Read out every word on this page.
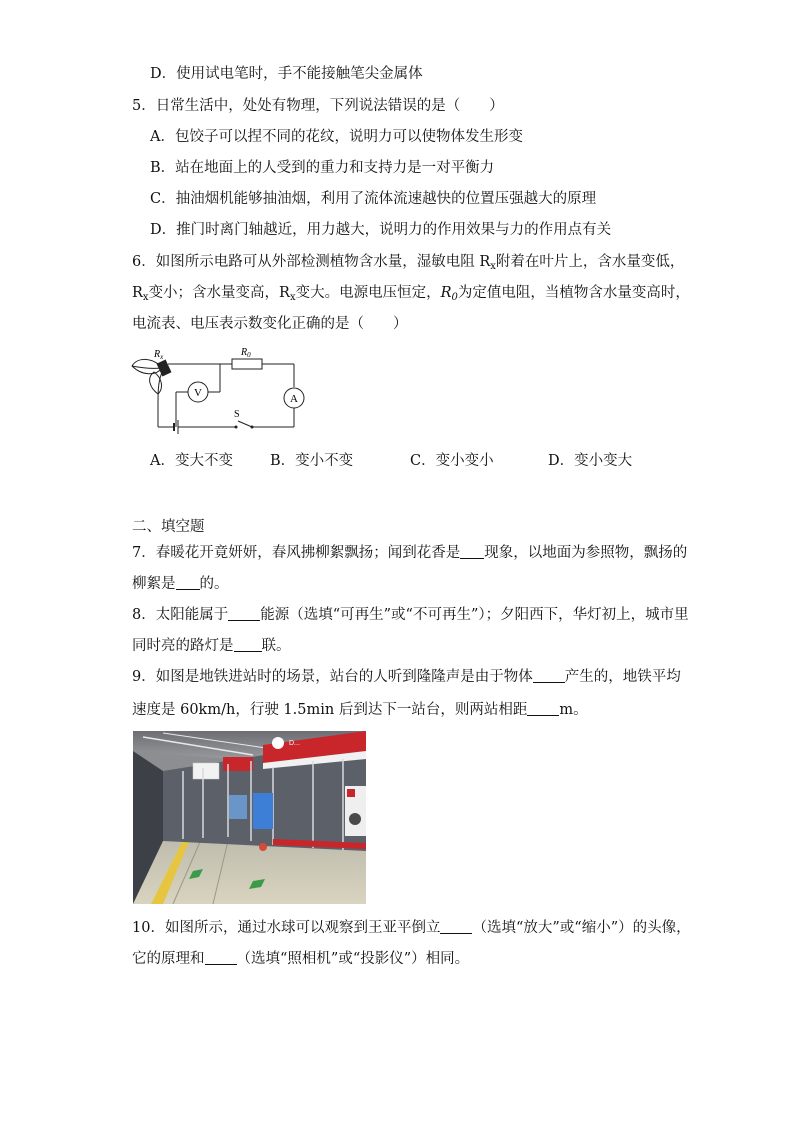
D．使用试电笔时，手不能接触笔尖金属体
5．日常生活中，处处有物理，下列说法错误的是（　　）
A．包饺子可以捏不同的花纹，说明力可以使物体发生形变
B．站在地面上的人受到的重力和支持力是一对平衡力
C．抽油烟机能够抽油烟，利用了流体流速越快的位置压强越大的原理
D．推门时离门轴越近，用力越大，说明力的作用效果与力的作用点有关
6．如图所示电路可从外部检测植物含水量，湿敏电阻 $R_x$附着在叶片上，含水量变低，
$R_x$变小；含水量变高，$R_x$变大。电源电压恒定，$R_0$为定值电阻，当植物含水量变高时，
电流表、电压表示数变化正确的是（　　）
$R_x$	$R_0$
A
S
V
A．变大不变	B．变小不变	C．变小变小	D．变小变大
二、填空题
7．春暖花开竟妍妍，春风拂柳絮飘扬；闻到花香是 现象，以地面为参照物，飘扬的
柳絮是 的。
8．太阳能属于 能源（选填“可再生”或“不可再生”）；夕阳西下，华灯初上，城市里
同时亮的路灯是 联。
9．如图是地铁进站时的场景，站台的人听到隆隆声是由于物体 产生的，地铁平均
速度是 60km/h，行驶 1.5min 后到达下一站台，则两站相距 m。
D...
10．如图所示，通过水球可以观察到王亚平倒立 （选填“放大”或“缩小”）的头像，
它的原理和 （选填“照相机”或“投影仪”）相同。
